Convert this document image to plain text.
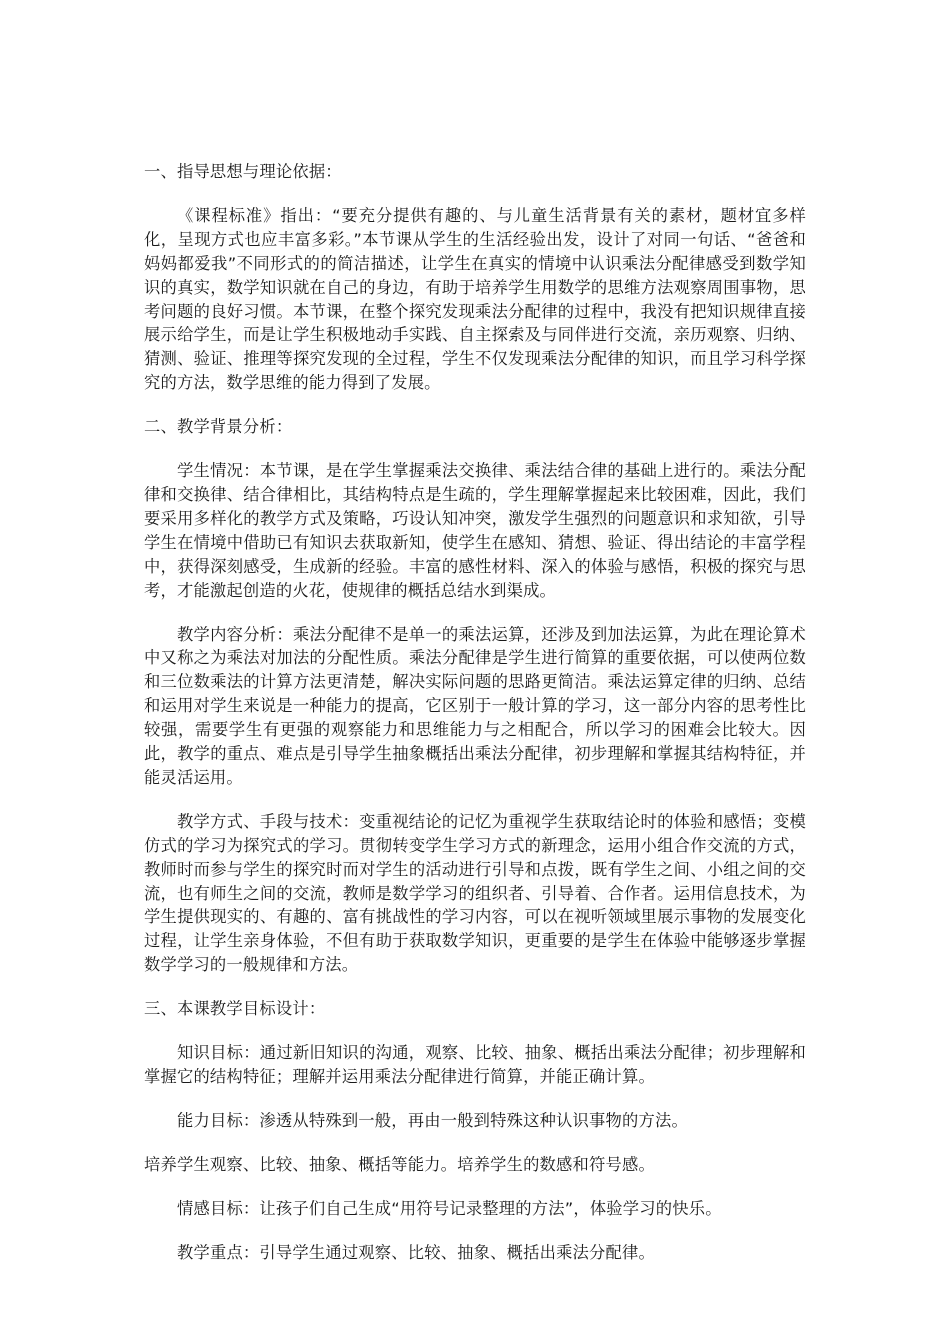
一、指导思想与理论依据：

《课程标准》指出：“要充分提供有趣的、与儿童生活背景有关的素材，题材宜多样化，呈现方式也应丰富多彩。”本节课从学生的生活经验出发，设计了对同一句话、“爸爸和妈妈都爱我”不同形式的的简洁描述，让学生在真实的情境中认识乘法分配律感受到数学知识的真实，数学知识就在自己的身边，有助于培养学生用数学的思维方法观察周围事物，思考问题的良好习惯。本节课，在整个探究发现乘法分配律的过程中，我没有把知识规律直接展示给学生，而是让学生积极地动手实践、自主探索及与同伴进行交流，亲历观察、归纳、猜测、验证、推理等探究发现的全过程，学生不仅发现乘法分配律的知识，而且学习科学探究的方法，数学思维的能力得到了发展。

二、教学背景分析：

学生情况：本节课，是在学生掌握乘法交换律、乘法结合律的基础上进行的。乘法分配律和交换律、结合律相比，其结构特点是生疏的，学生理解掌握起来比较困难，因此，我们要采用多样化的教学方式及策略，巧设认知冲突，激发学生强烈的问题意识和求知欲，引导学生在情境中借助已有知识去获取新知，使学生在感知、猜想、验证、得出结论的丰富学程中，获得深刻感受，生成新的经验。丰富的感性材料、深入的体验与感悟，积极的探究与思考，才能激起创造的火花，使规律的概括总结水到渠成。

教学内容分析：乘法分配律不是单一的乘法运算，还涉及到加法运算，为此在理论算术中又称之为乘法对加法的分配性质。乘法分配律是学生进行简算的重要依据，可以使两位数和三位数乘法的计算方法更清楚，解决实际问题的思路更简洁。乘法运算定律的归纳、总结和运用对学生来说是一种能力的提高，它区别于一般计算的学习，这一部分内容的思考性比较强，需要学生有更强的观察能力和思维能力与之相配合，所以学习的困难会比较大。因此，教学的重点、难点是引导学生抽象概括出乘法分配律，初步理解和掌握其结构特征，并能灵活运用。

教学方式、手段与技术：变重视结论的记忆为重视学生获取结论时的体验和感悟；变模仿式的学习为探究式的学习。贯彻转变学生学习方式的新理念，运用小组合作交流的方式，教师时而参与学生的探究时而对学生的活动进行引导和点拨，既有学生之间、小组之间的交流，也有师生之间的交流，教师是数学学习的组织者、引导着、合作者。运用信息技术，为学生提供现实的、有趣的、富有挑战性的学习内容，可以在视听领域里展示事物的发展变化过程，让学生亲身体验，不但有助于获取数学知识，更重要的是学生在体验中能够逐步掌握数学学习的一般规律和方法。

三、本课教学目标设计：

知识目标：通过新旧知识的沟通，观察、比较、抽象、概括出乘法分配律；初步理解和掌握它的结构特征；理解并运用乘法分配律进行简算，并能正确计算。

能力目标：渗透从特殊到一般，再由一般到特殊这种认识事物的方法。

培养学生观察、比较、抽象、概括等能力。培养学生的数感和符号感。

情感目标：让孩子们自己生成“用符号记录整理的方法”，体验学习的快乐。

教学重点：引导学生通过观察、比较、抽象、概括出乘法分配律。
